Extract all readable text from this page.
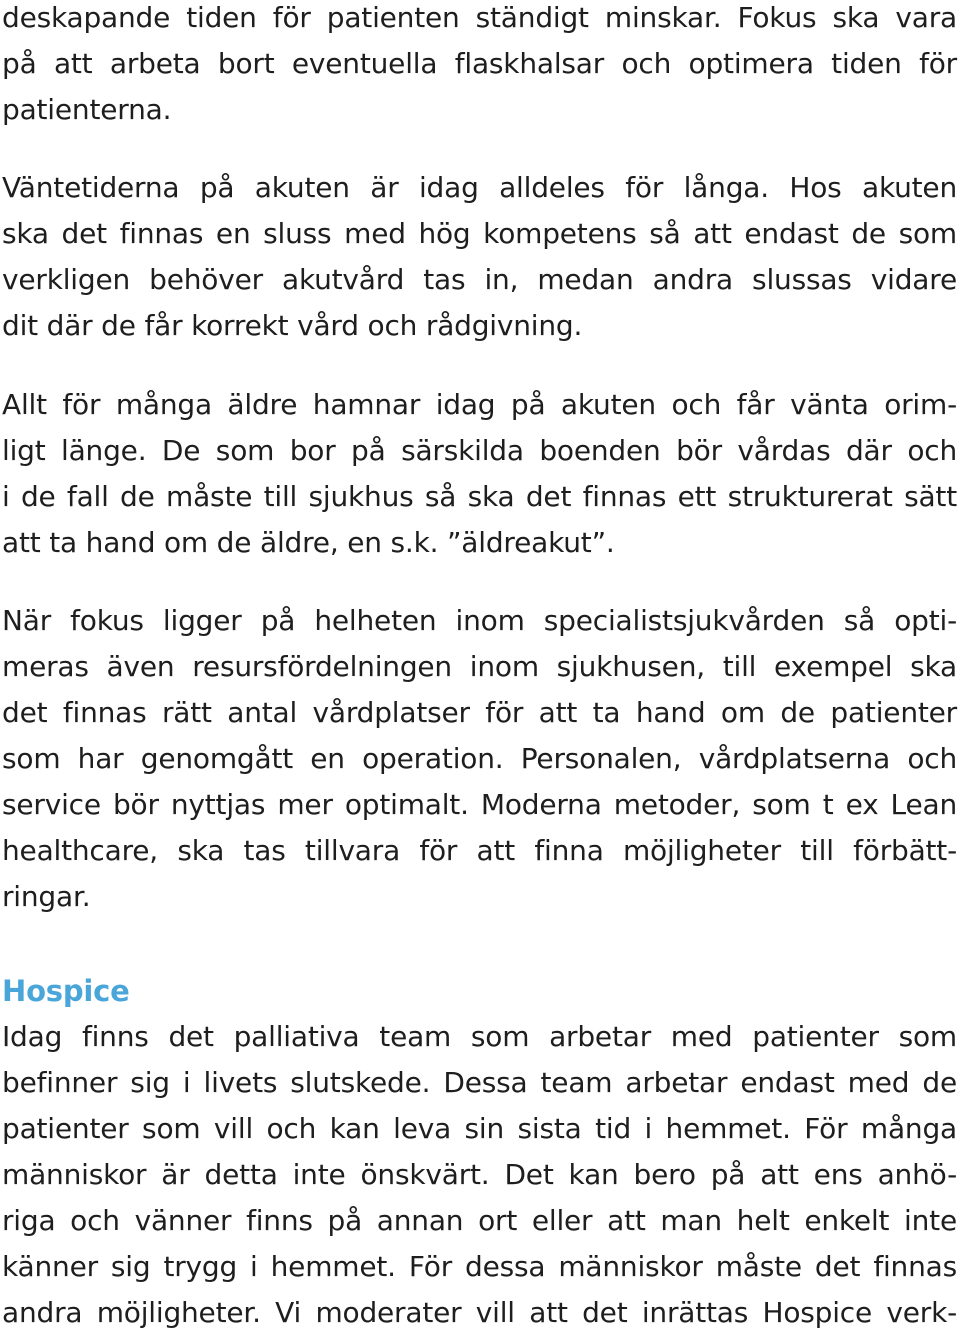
deskapande tiden för patienten ständigt minskar. Fokus ska vara
på att arbeta bort eventuella flaskhalsar och optimera tiden för
patienterna.
Väntetiderna på akuten är idag alldeles för långa. Hos akuten
ska det finnas en sluss med hög kompetens så att endast de som
verkligen behöver akutvård tas in, medan andra slussas vidare
dit där de får korrekt vård och rådgivning.
Allt för många äldre hamnar idag på akuten och får vänta orim-
ligt länge. De som bor på särskilda boenden bör vårdas där och
i de fall de måste till sjukhus så ska det finnas ett strukturerat sätt
att ta hand om de äldre, en s.k. ”äldreakut”.
När fokus ligger på helheten inom specialistsjukvården så opti-
meras även resursfördelningen inom sjukhusen, till exempel ska
det finnas rätt antal vårdplatser för att ta hand om de patienter
som har genomgått en operation. Personalen, vårdplatserna och
service bör nyttjas mer optimalt. Moderna metoder, som t ex Lean
healthcare, ska tas tillvara för att finna möjligheter till förbätt-
ringar.
Hospice
Idag finns det palliativa team som arbetar med patienter som
befinner sig i livets slutskede. Dessa team arbetar endast med de
patienter som vill och kan leva sin sista tid i hemmet. För många
människor är detta inte önskvärt. Det kan bero på att ens anhö-
riga och vänner finns på annan ort eller att man helt enkelt inte
känner sig trygg i hemmet. För dessa människor måste det finnas
andra möjligheter. Vi moderater vill att det inrättas Hospice verk-
